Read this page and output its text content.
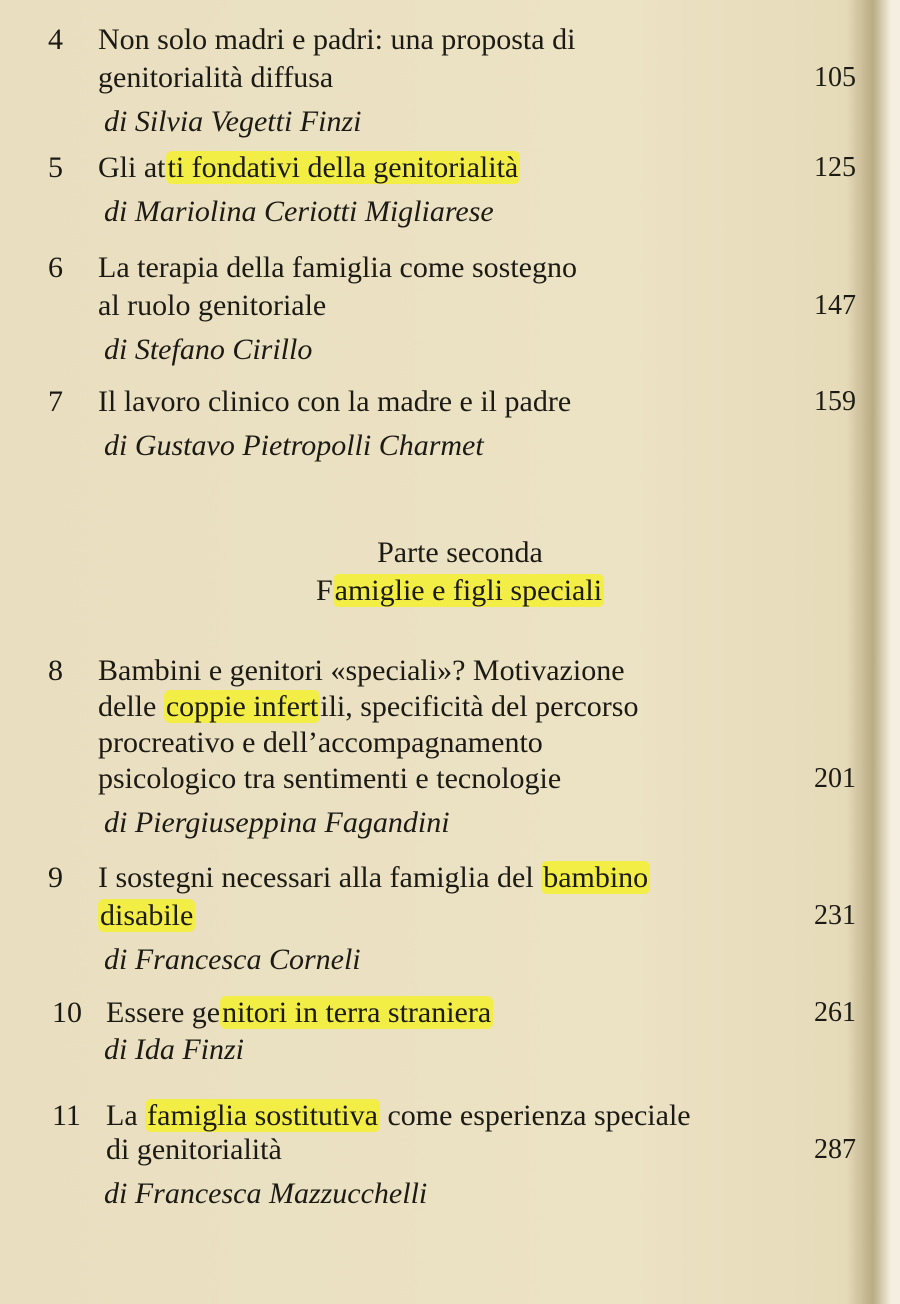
Parte seconda
Famiglie e figli speciali
4 Non solo madri e padri: una proposta di
genitorialità diffusa	105
di Silvia Vegetti Finzi
5 Gli atti fondativi della genitorialità	125
di Mariolina Ceriotti Migliarese
6 La terapia della famiglia come sostegno
al ruolo genitoriale	147
di Stefano Cirillo
7 Il lavoro clinico con la madre e il padre	159
di Gustavo Pietropolli Charmet
8 Bambini e genitori «speciali»? Motivazione
delle coppie infertili, specificità del percorso
procreativo e dell’accompagnamento
psicologico tra sentimenti e tecnologie	201
di Piergiuseppina Fagandini
9 I sostegni necessari alla famiglia del bambino
disabile	231
di Francesca Corneli
10 Essere genitori in terra straniera	261
di Ida Finzi
11 La famiglia sostitutiva come esperienza speciale
di genitorialità	287
di Francesca Mazzucchelli
